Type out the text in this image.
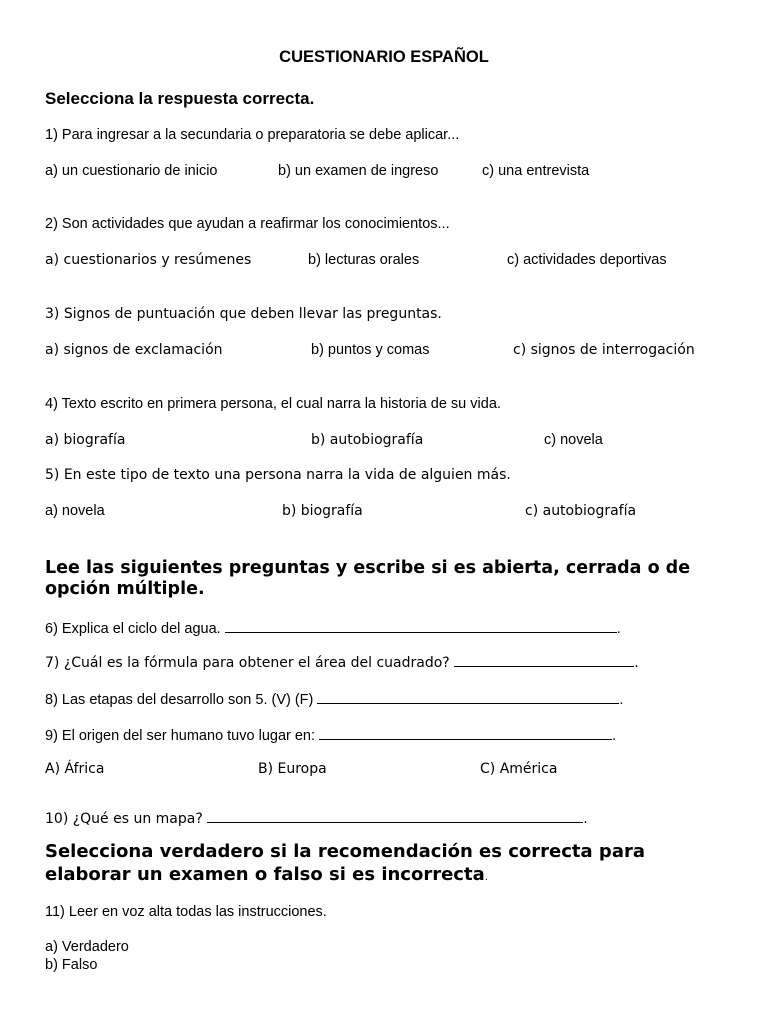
CUESTIONARIO ESPAÑOL
Selecciona la respuesta correcta.
1) Para ingresar a la secundaria o preparatoria se debe aplicar...
a) un cuestionario de inicio	b) un examen de ingreso	c) una entrevista
2) Son actividades que ayudan a reafirmar los conocimientos...
a) cuestionarios y resúmenes	b) lecturas orales	c) actividades deportivas
3) Signos de puntuación que deben llevar las preguntas.
a) signos de exclamación	b) puntos y comas	c) signos de interrogación
4) Texto escrito en primera persona, el cual narra la historia de su vida.
a) biografía	b) autobiografía	c) novela
5) En este tipo de texto una persona narra la vida de alguien más.
a) novela	b) biografía	c) autobiografía
Lee las siguientes preguntas y escribe si es abierta, cerrada o de opción múltiple.
6) Explica el ciclo del agua.	.
7) ¿Cuál es la fórmula para obtener el área del cuadrado?	.
8) Las etapas del desarrollo son 5. (V) (F)	.
9) El origen del ser humano tuvo lugar en:	.
A) África	B) Europa	C) América
10) ¿Qué es un mapa?	.
Selecciona verdadero si la recomendación es correcta para elaborar un examen o falso si es incorrecta.
11) Leer en voz alta todas las instrucciones.
a) Verdadero
b) Falso
